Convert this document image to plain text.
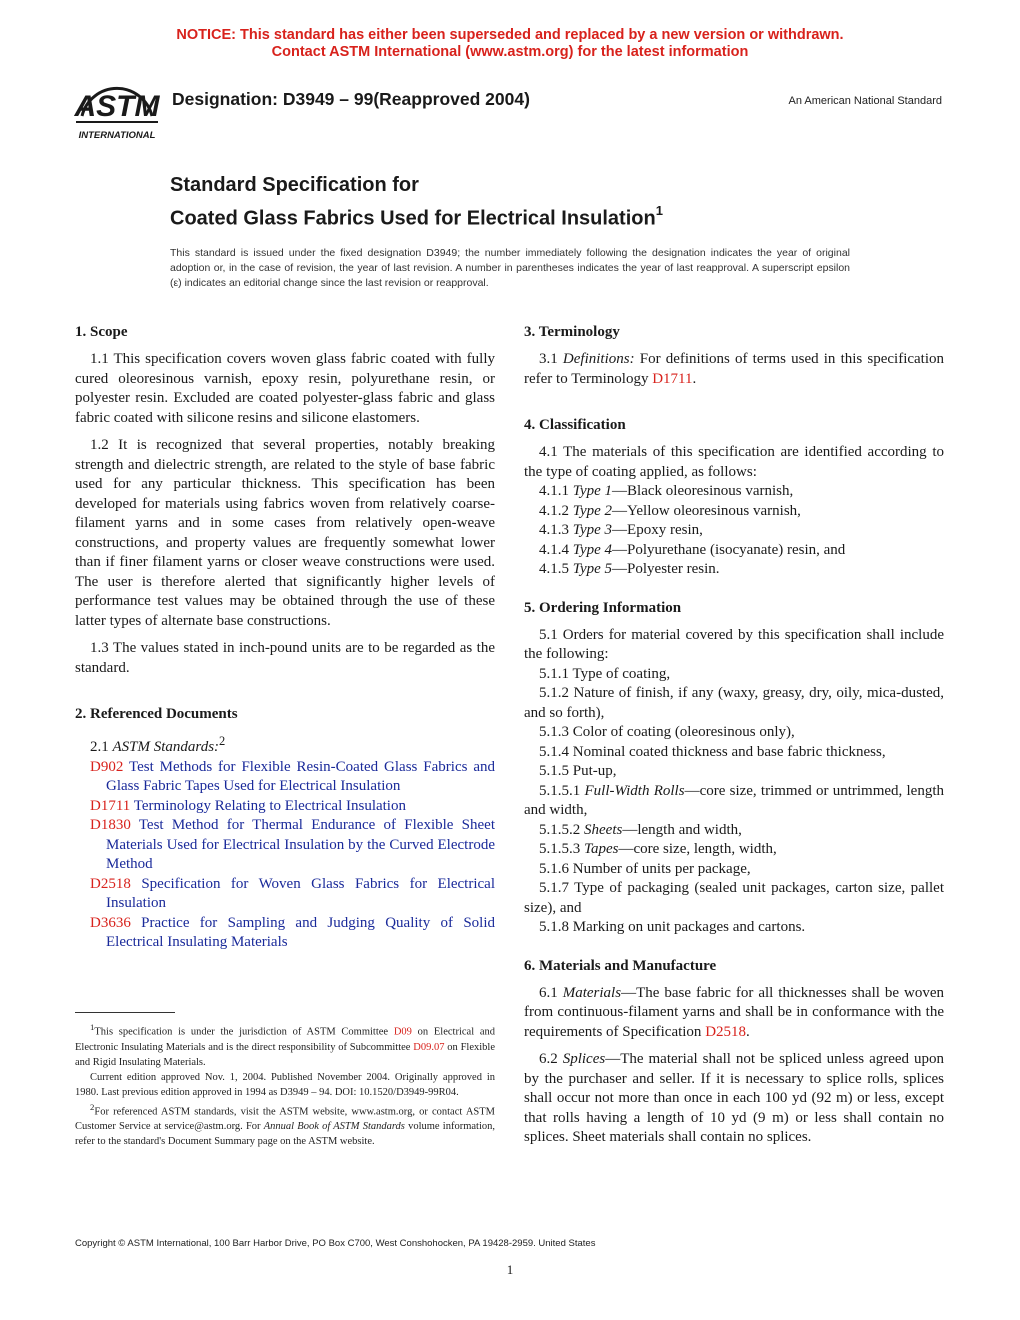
NOTICE: This standard has either been superseded and replaced by a new version or withdrawn.
Contact ASTM International (www.astm.org) for the latest information
ASTM
INTERNATIONAL
Designation: D3949 – 99(Reapproved 2004)	An American National Standard
Standard Specification for
Coated Glass Fabrics Used for Electrical Insulation$^1$
This standard is issued under the fixed designation D3949; the number immediately following the designation indicates the year of original adoption or, in the case of revision, the year of last revision. A number in parentheses indicates the year of last reapproval. A superscript epsilon (ε) indicates an editorial change since the last revision or reapproval.
1. Scope

1.1 This specification covers woven glass fabric coated with fully cured oleoresinous varnish, epoxy resin, polyurethane resin, or polyester resin. Excluded are coated polyester-glass fabric and glass fabric coated with silicone resins and silicone elastomers.

1.2 It is recognized that several properties, notably breaking strength and dielectric strength, are related to the style of base fabric used for any particular thickness. This specification has been developed for materials using fabrics woven from relatively coarse-filament yarns and in some cases from relatively open-weave constructions, and property values are frequently somewhat lower than if finer filament yarns or closer weave constructions were used. The user is therefore alerted that significantly higher levels of performance test values may be obtained through the use of these latter types of alternate base constructions.

1.3 The values stated in inch-pound units are to be regarded as the standard.

2. Referenced Documents
2.1 ASTM Standards:$^2$
D902 Test Methods for Flexible Resin-Coated Glass Fabrics and Glass Fabric Tapes Used for Electrical Insulation
D1711 Terminology Relating to Electrical Insulation
D1830 Test Method for Thermal Endurance of Flexible Sheet Materials Used for Electrical Insulation by the Curved Electrode Method
D2518 Specification for Woven Glass Fabrics for Electrical Insulation
D3636 Practice for Sampling and Judging Quality of Solid Electrical Insulating Materials

$^1$This specification is under the jurisdiction of ASTM Committee D09 on Electrical and Electronic Insulating Materials and is the direct responsibility of Subcommittee D09.07 on Flexible and Rigid Insulating Materials.

Current edition approved Nov. 1, 2004. Published November 2004. Originally approved in 1980. Last previous edition approved in 1994 as D3949 – 94. DOI: 10.1520/D3949-99R04.

$^2$For referenced ASTM standards, visit the ASTM website, www.astm.org, or contact ASTM Customer Service at service@astm.org. For Annual Book of ASTM Standards volume information, refer to the standard's Document Summary page on the ASTM website.

3. Terminology

3.1 Definitions: For definitions of terms used in this specification refer to Terminology D1711.

4. Classification

4.1 The materials of this specification are identified according to the type of coating applied, as follows:

4.1.1 Type 1—Black oleoresinous varnish,
4.1.2 Type 2—Yellow oleoresinous varnish,
4.1.3 Type 3—Epoxy resin,
4.1.4 Type 4—Polyurethane (isocyanate) resin, and
4.1.5 Type 5—Polyester resin.
5. Ordering Information

5.1 Orders for material covered by this specification shall include the following:

5.1.1 Type of coating,
5.1.2 Nature of finish, if any (waxy, greasy, dry, oily, mica-dusted, and so forth),
5.1.3 Color of coating (oleoresinous only),
5.1.4 Nominal coated thickness and base fabric thickness,
5.1.5 Put-up,
5.1.5.1 Full-Width Rolls—core size, trimmed or untrimmed, length and width,
5.1.5.2 Sheets—length and width,
5.1.5.3 Tapes—core size, length, width,
5.1.6 Number of units per package,
5.1.7 Type of packaging (sealed unit packages, carton size, pallet size), and
5.1.8 Marking on unit packages and cartons.
6. Materials and Manufacture

6.1 Materials—The base fabric for all thicknesses shall be woven from continuous-filament yarns and shall be in conformance with the requirements of Specification D2518.

6.2 Splices—The material shall not be spliced unless agreed upon by the purchaser and seller. If it is necessary to splice rolls, splices shall occur not more than once in each 100 yd (92 m) or less, except that rolls having a length of 10 yd (9 m) or less shall contain no splices. Sheet materials shall contain no splices.

Copyright © ASTM International, 100 Barr Harbor Drive, PO Box C700, West Conshohocken, PA 19428-2959. United States
1
